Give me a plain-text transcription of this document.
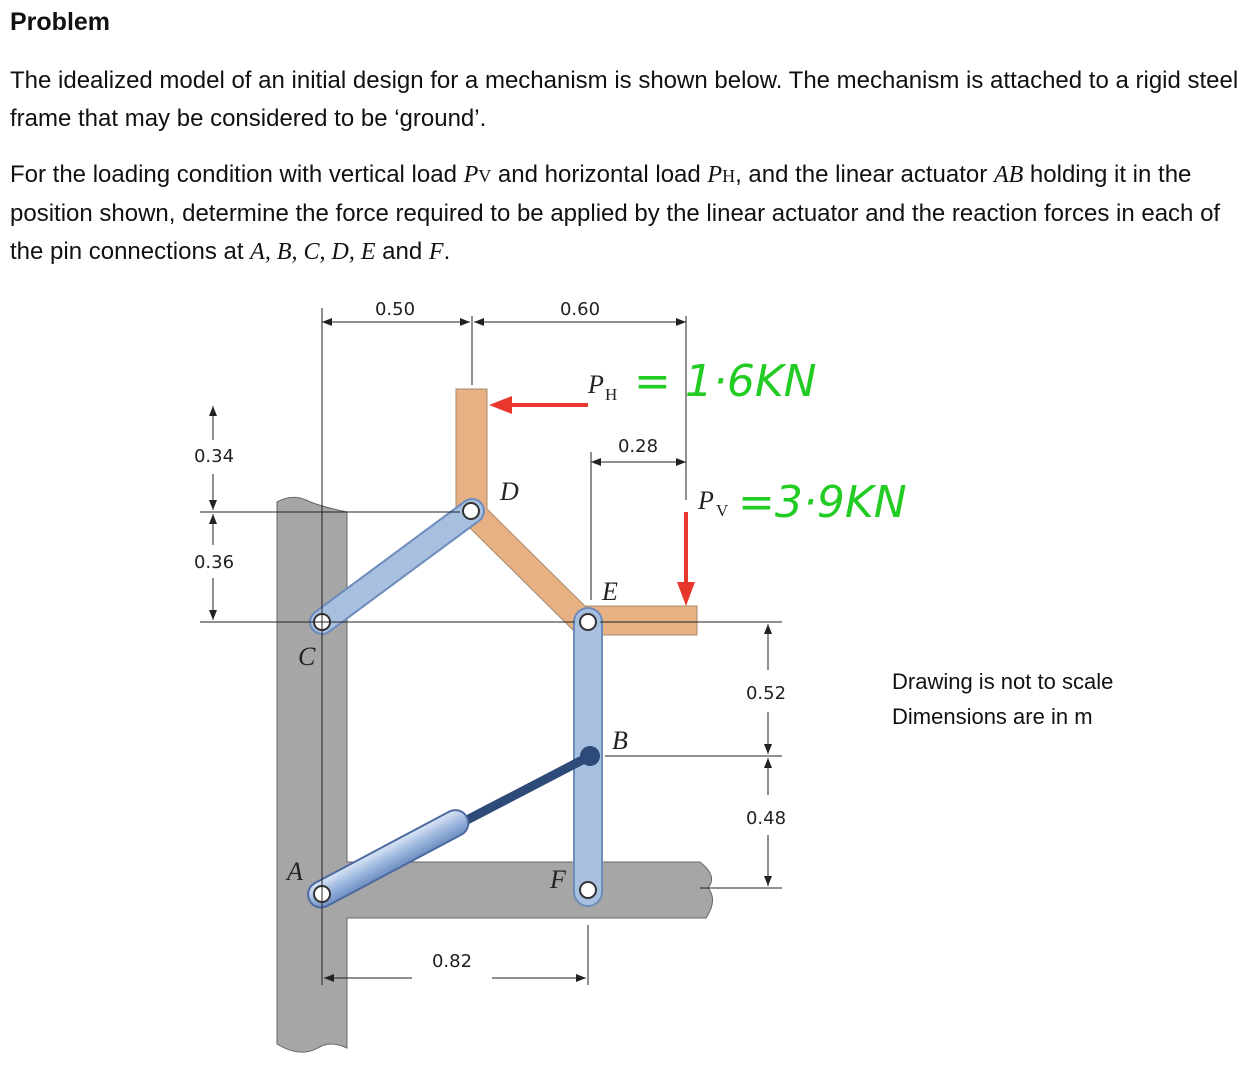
Problem

The idealized model of an initial design for a mechanism is shown below. The mechanism is attached to a rigid steel frame that may be considered to be ‘ground’.

For the loading condition with vertical load PV and horizontal load PH, and the linear actuator AB holding it in the position shown, determine the force required to be applied by the linear actuator and the reaction forces in each of the pin connections at A, B, C, D, E and F.

0.50	0.60
0.28
0.34
0.36
0.52
0.48
0.82
C
D
E
B
F
A
P H
P V
= 1·6KN
=3·9KN
Drawing is not to scale
Dimensions are in m
